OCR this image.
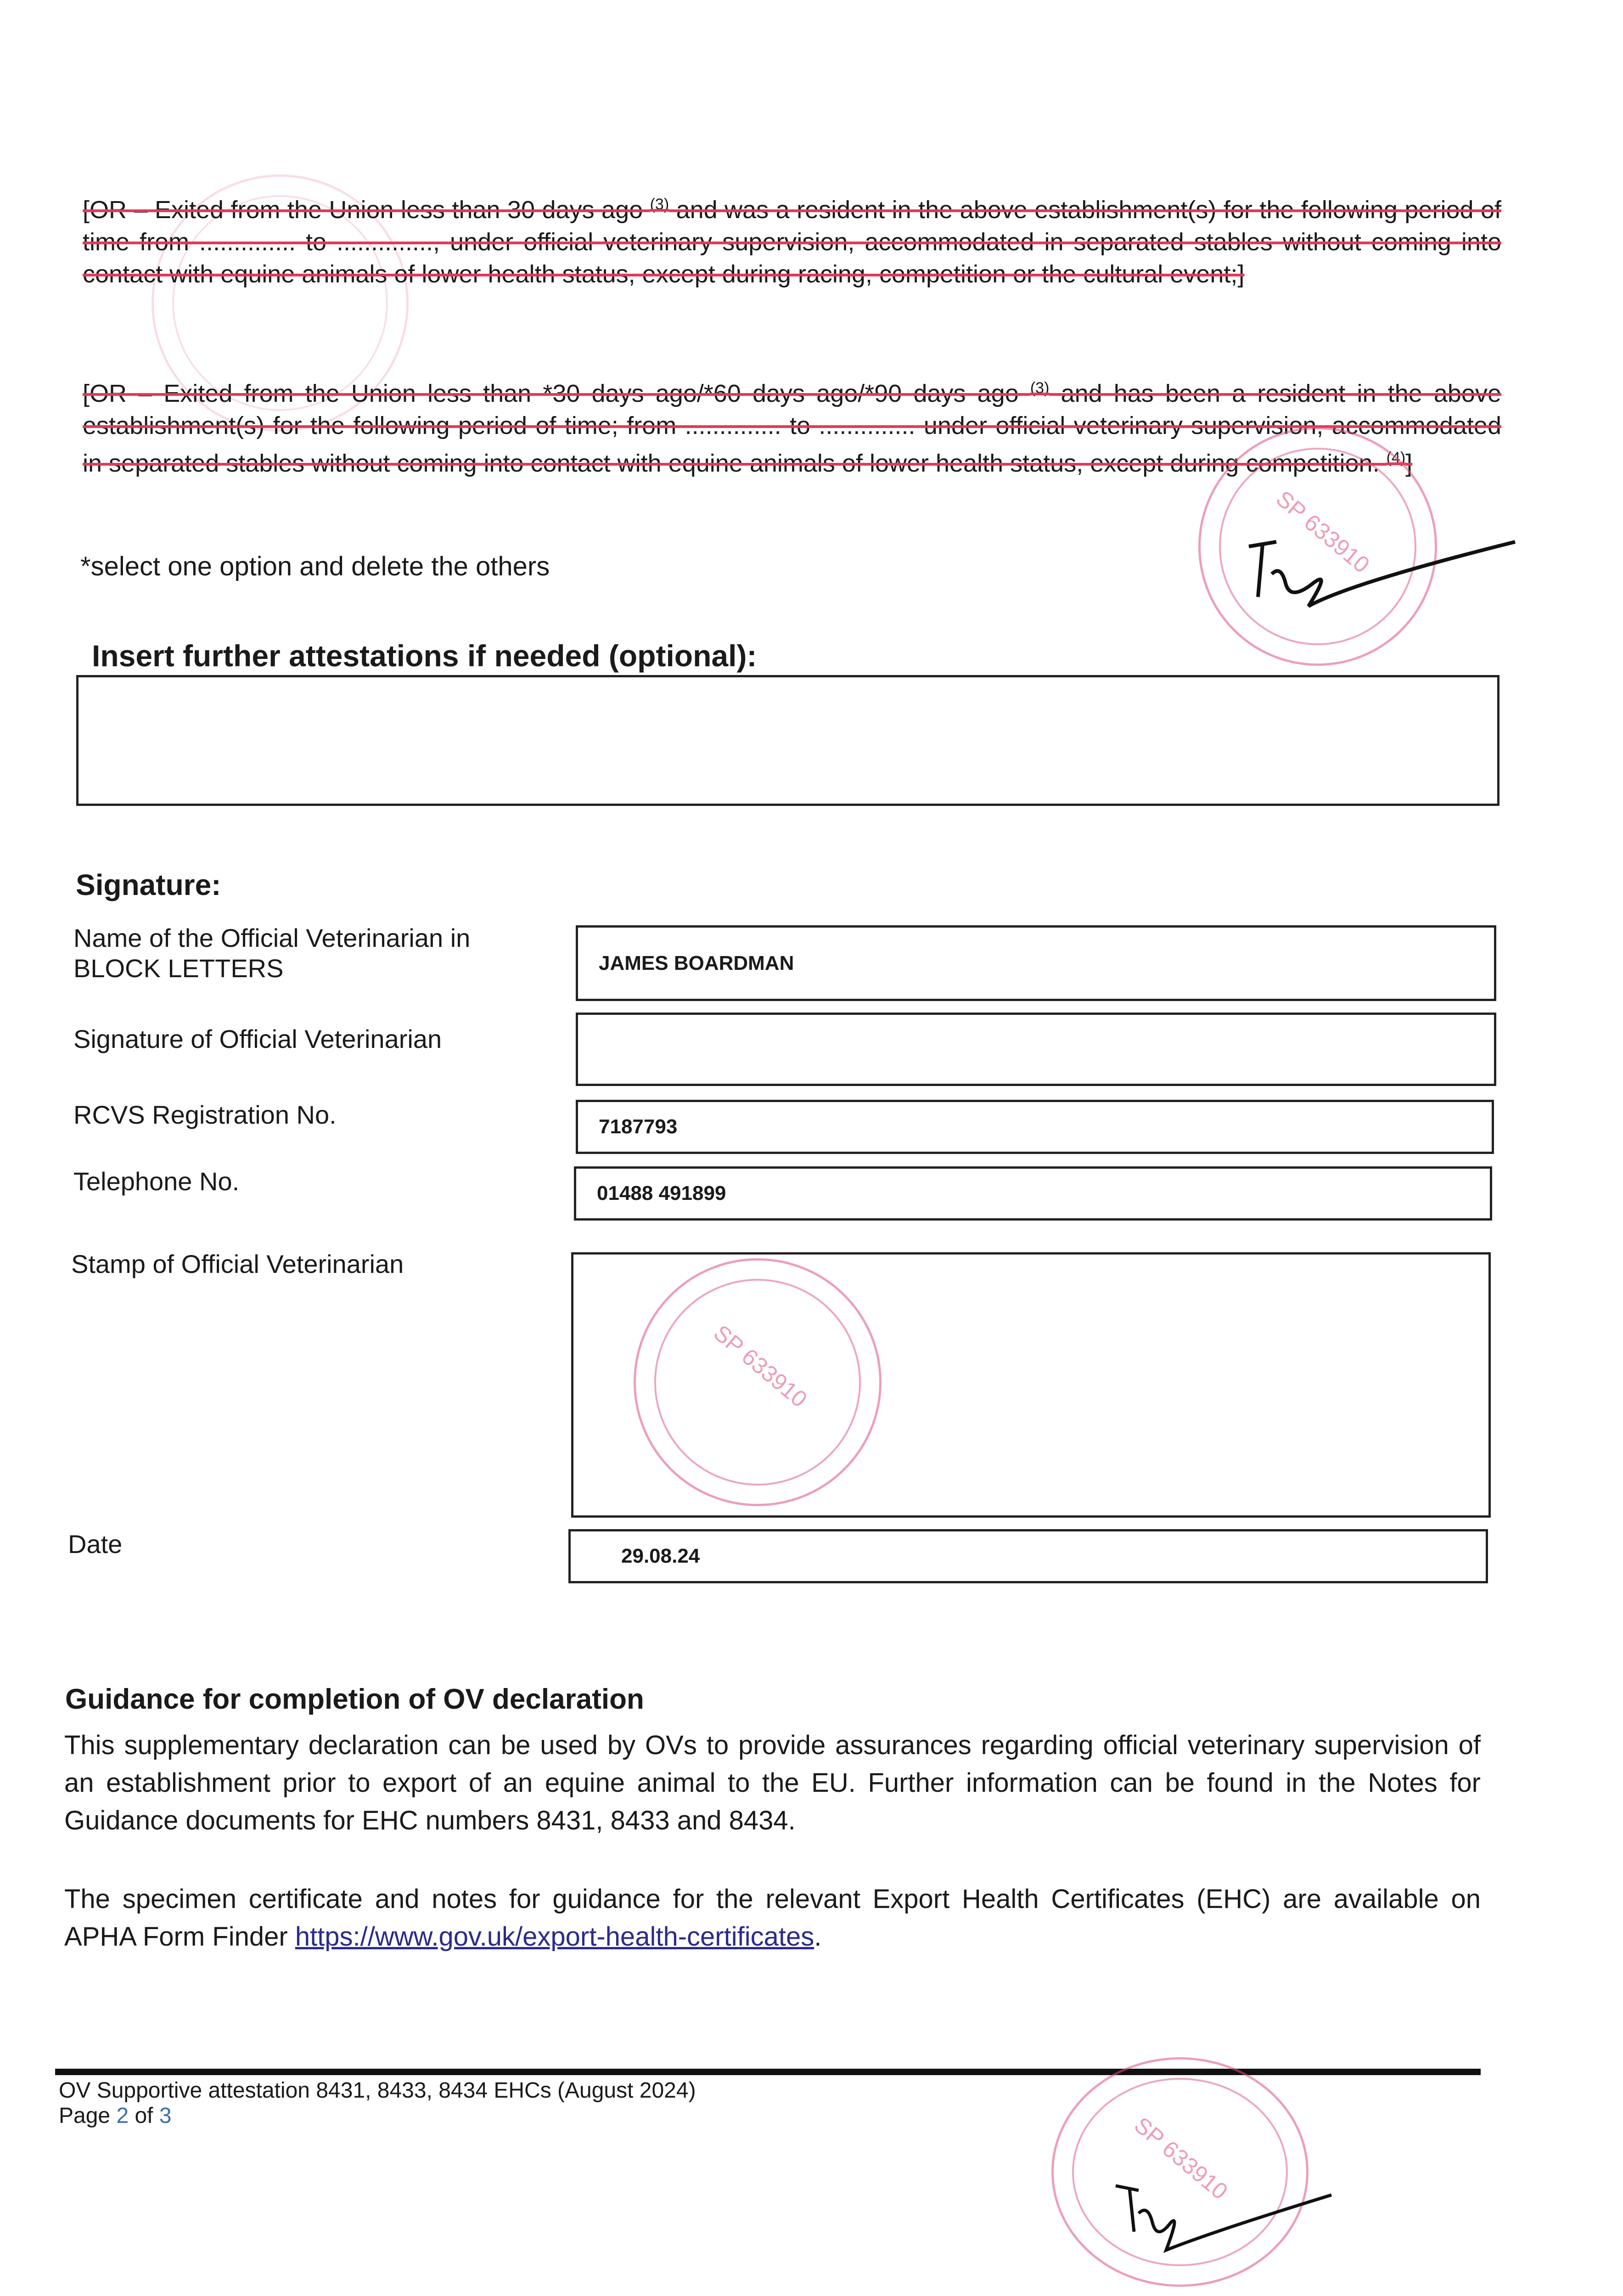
[OR – Exited from the Union less than 30 days ago $^{(3)}$ and was a resident in the above establishment(s) for the following period of time from .............. to .............., under official veterinary supervision, accommodated in separated stables without coming into contact with equine animals of lower health status, except during racing, competition or the cultural event;]
[OR – Exited from the Union less than *30 days ago/*60 days ago/*90 days ago $^{(3)}$ and has been a resident in the above establishment(s) for the following period of time; from .............. to .............. under official veterinary supervision, accommodated in separated stables without coming into contact with equine animals of lower health status, except during competition. $^{(4)}$]
SP 633910
*select one option and delete the others
Insert further attestations if needed (optional):
Signature:
Name of the Official Veterinarian in BLOCK LETTERS	JAMES BOARDMAN
Signature of Official Veterinarian
RCVS Registration No.	7187793
Telephone No.	01488 491899
Stamp of Official Veterinarian
SP 633910
Date	29.08.24
Guidance for completion of OV declaration
This supplementary declaration can be used by OVs to provide assurances regarding official veterinary supervision of an establishment prior to export of an equine animal to the EU. Further information can be found in the Notes for Guidance documents for EHC numbers 8431, 8433 and 8434.
The specimen certificate and notes for guidance for the relevant Export Health Certificates (EHC) are available on APHA Form Finder https://www.gov.uk/export-health-certificates.
OV Supportive attestation 8431, 8433, 8434 EHCs (August 2024)
Page 2 of 3	SP 633910
